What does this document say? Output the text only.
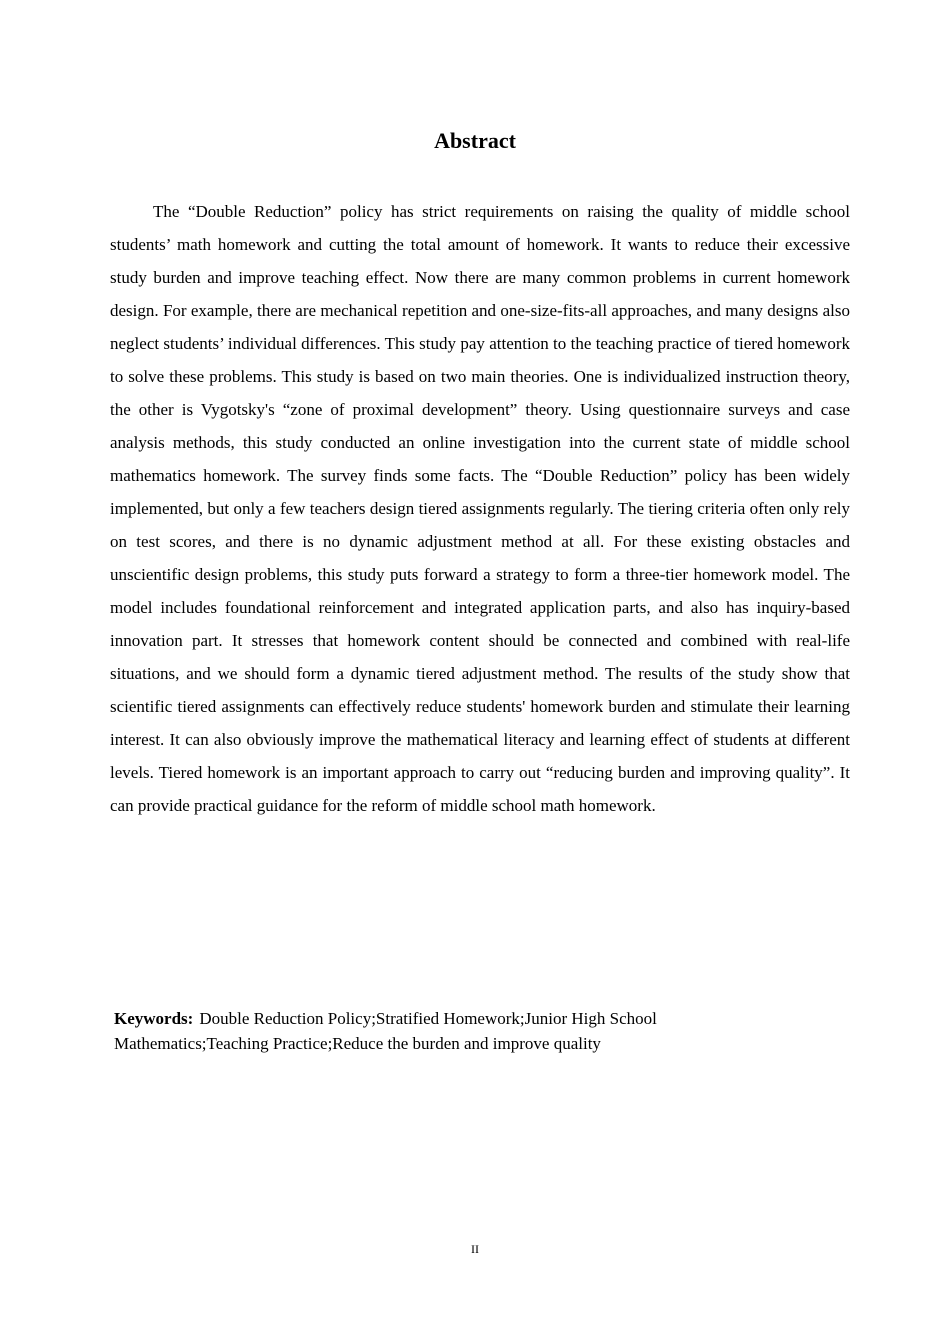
Abstract

The “Double Reduction” policy has strict requirements on raising the quality of middle school students’ math homework and cutting the total amount of homework. It wants to reduce their excessive study burden and improve teaching effect. Now there are many common problems in current homework design. For example, there are mechanical repetition and one-size-fits-all approaches, and many designs also neglect students’ individual differences. This study pay attention to the teaching practice of tiered homework to solve these problems. This study is based on two main theories. One is individualized instruction theory, the other is Vygotsky's “zone of proximal development” theory. Using questionnaire surveys and case analysis methods, this study conducted an online investigation into the current state of middle school mathematics homework. The survey finds some facts. The “Double Reduction” policy has been widely implemented, but only a few teachers design tiered assignments regularly. The tiering criteria often only rely on test scores, and there is no dynamic adjustment method at all. For these existing obstacles and unscientific design problems, this study puts forward a strategy to form a three-tier homework model. The model includes foundational reinforcement and integrated application parts, and also has inquiry-based innovation part. It stresses that homework content should be connected and combined with real-life situations, and we should form a dynamic tiered adjustment method. The results of the study show that scientific tiered assignments can effectively reduce students' homework burden and stimulate their learning interest. It can also obviously improve the mathematical literacy and learning effect of students at different levels. Tiered homework is an important approach to carry out “reducing burden and improving quality”. It can provide practical guidance for the reform of middle school math homework.

Keywords: Double Reduction Policy;Stratified Homework;Junior High School Mathematics;Teaching Practice;Reduce the burden and improve quality

II
